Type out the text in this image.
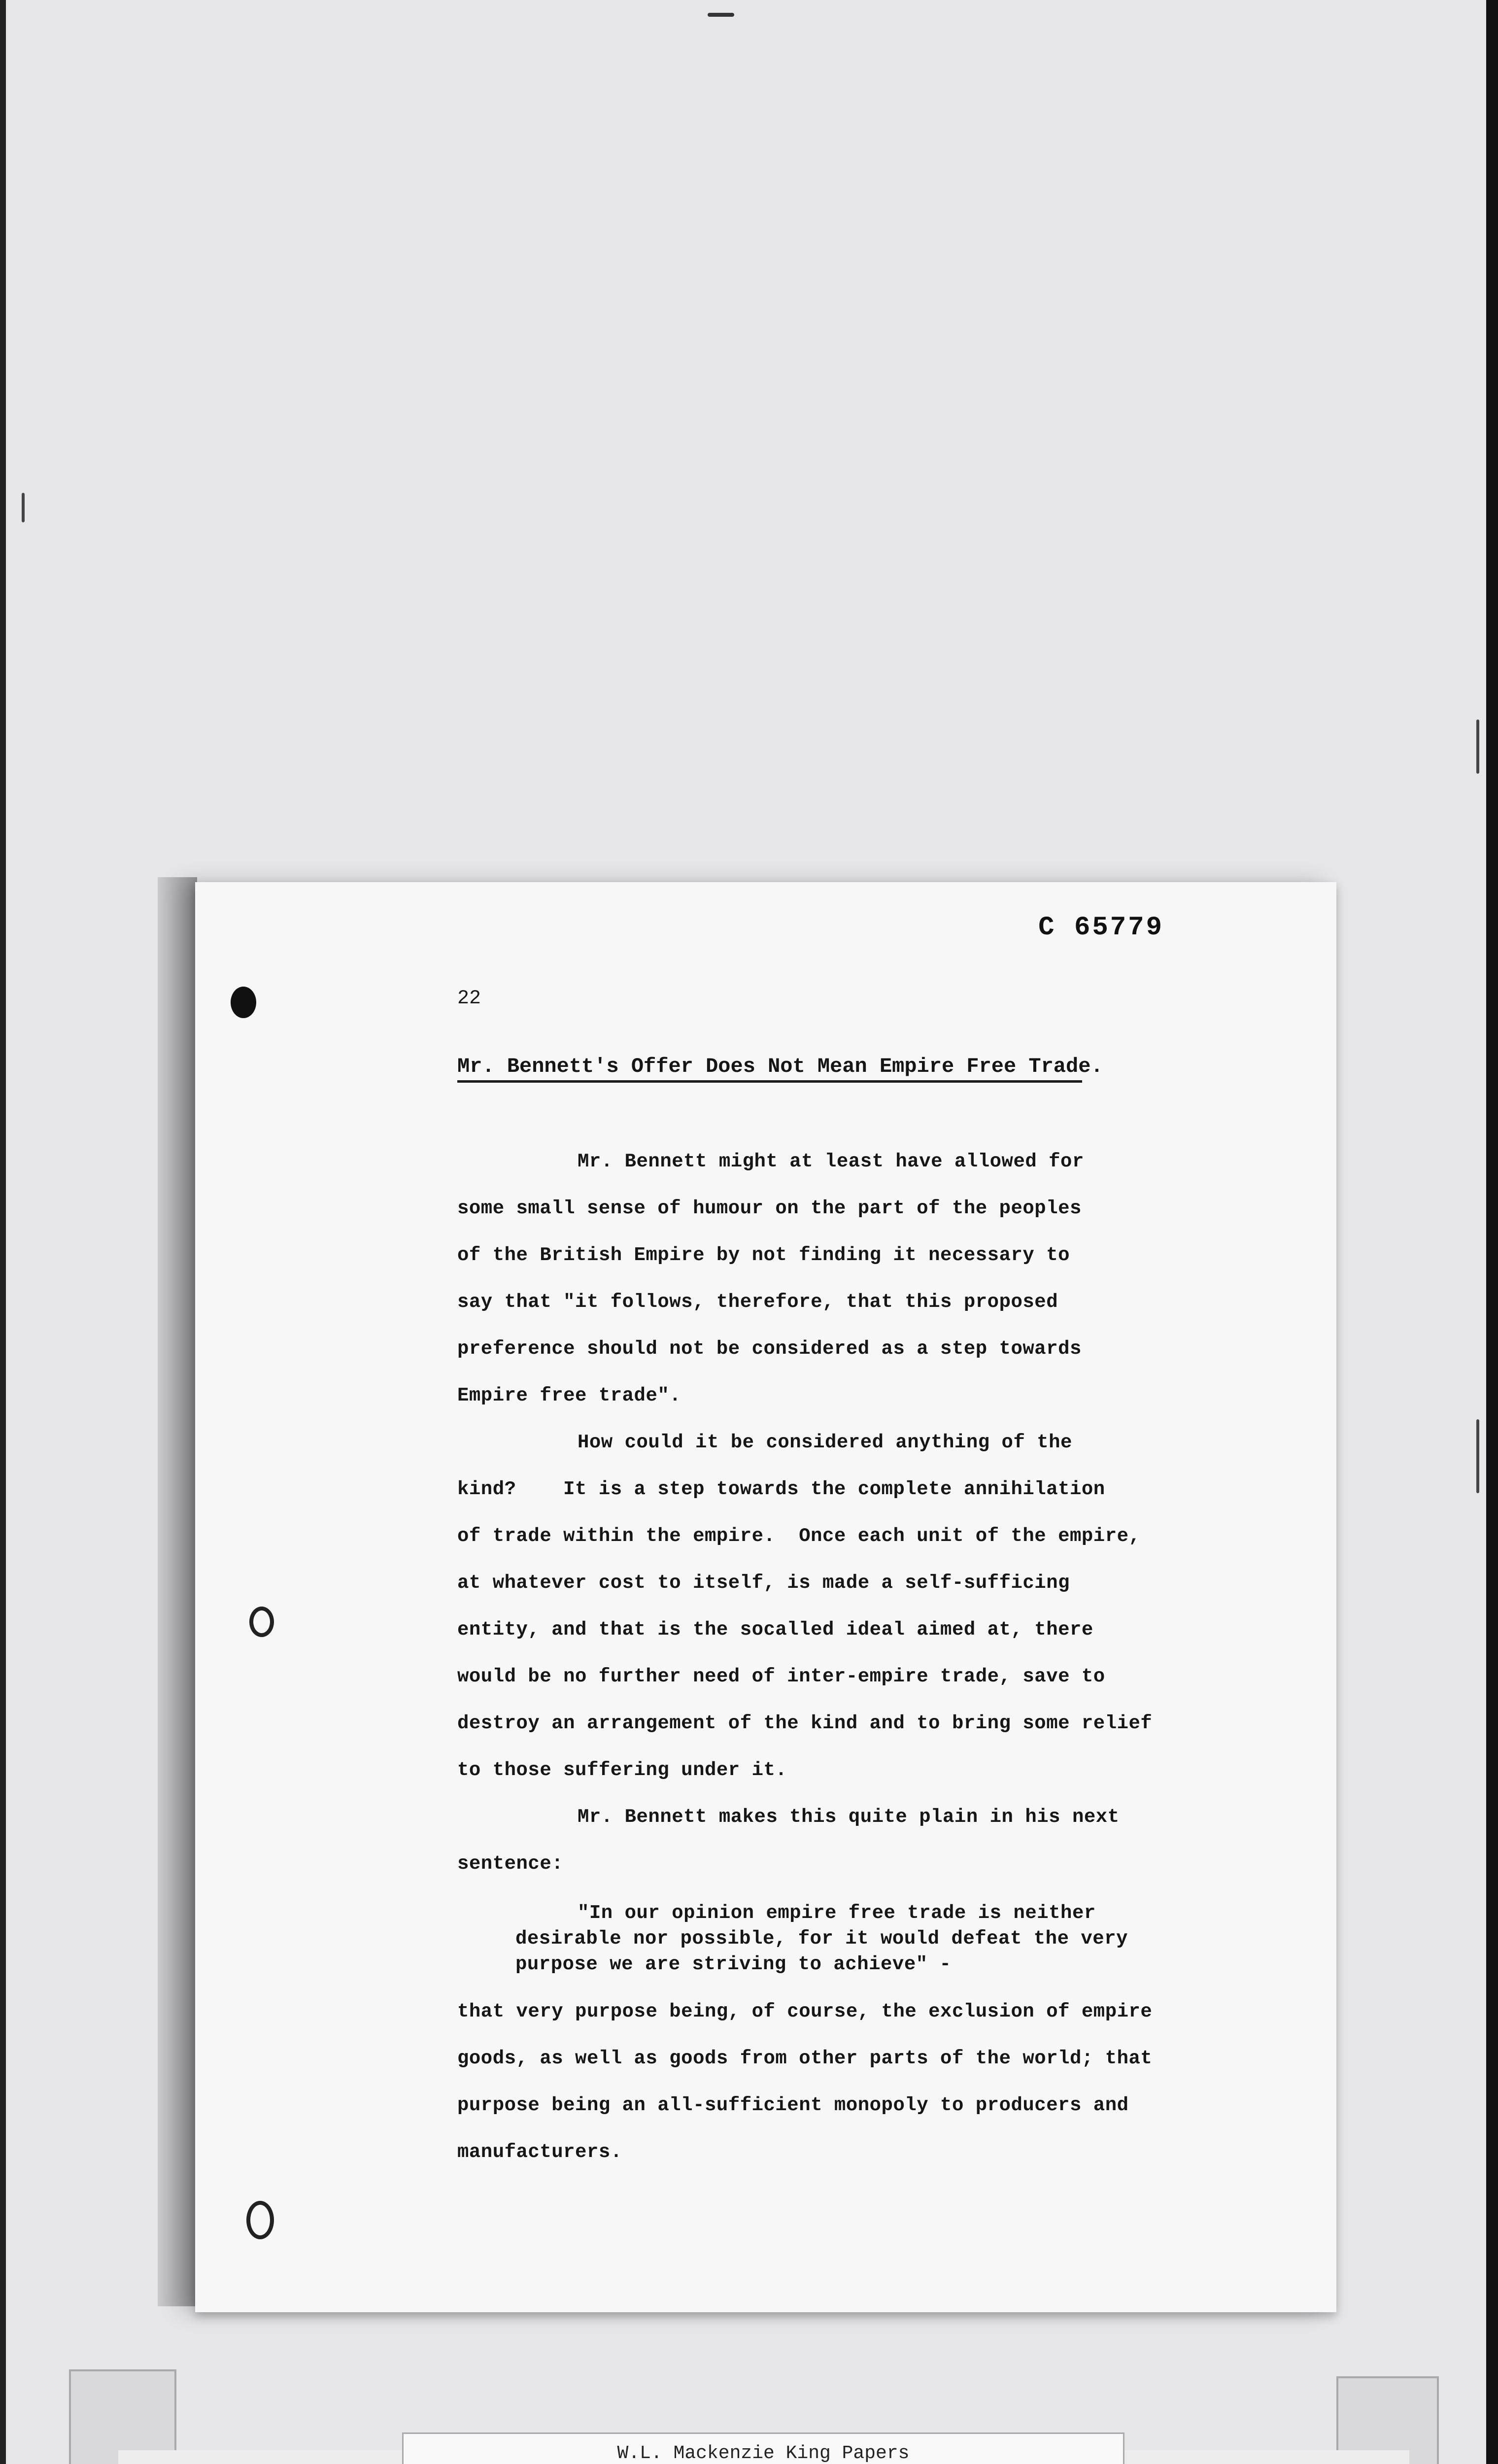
C 65779
22
Mr. Bennett's Offer Does Not Mean Empire Free Trade.
Mr. Bennett might at least have allowed for
some small sense of humour on the part of the peoples
of the British Empire by not finding it necessary to
say that "it follows, therefore, that this proposed
preference should not be considered as a step towards
Empire free trade".
How could it be considered anything of the
kind?    It is a step towards the complete annihilation
of trade within the empire.  Once each unit of the empire,
at whatever cost to itself, is made a self-sufficing
entity, and that is the socalled ideal aimed at, there
would be no further need of inter-empire trade, save to
destroy an arrangement of the kind and to bring some relief
to those suffering under it.
Mr. Bennett makes this quite plain in his next
sentence:
"In our opinion empire free trade is neither
desirable nor possible, for it would defeat the very
purpose we are striving to achieve" -
that very purpose being, of course, the exclusion of empire
goods, as well as goods from other parts of the world; that
purpose being an all-sufficient monopoly to producers and
manufacturers.
W.L. Mackenzie King Papers
